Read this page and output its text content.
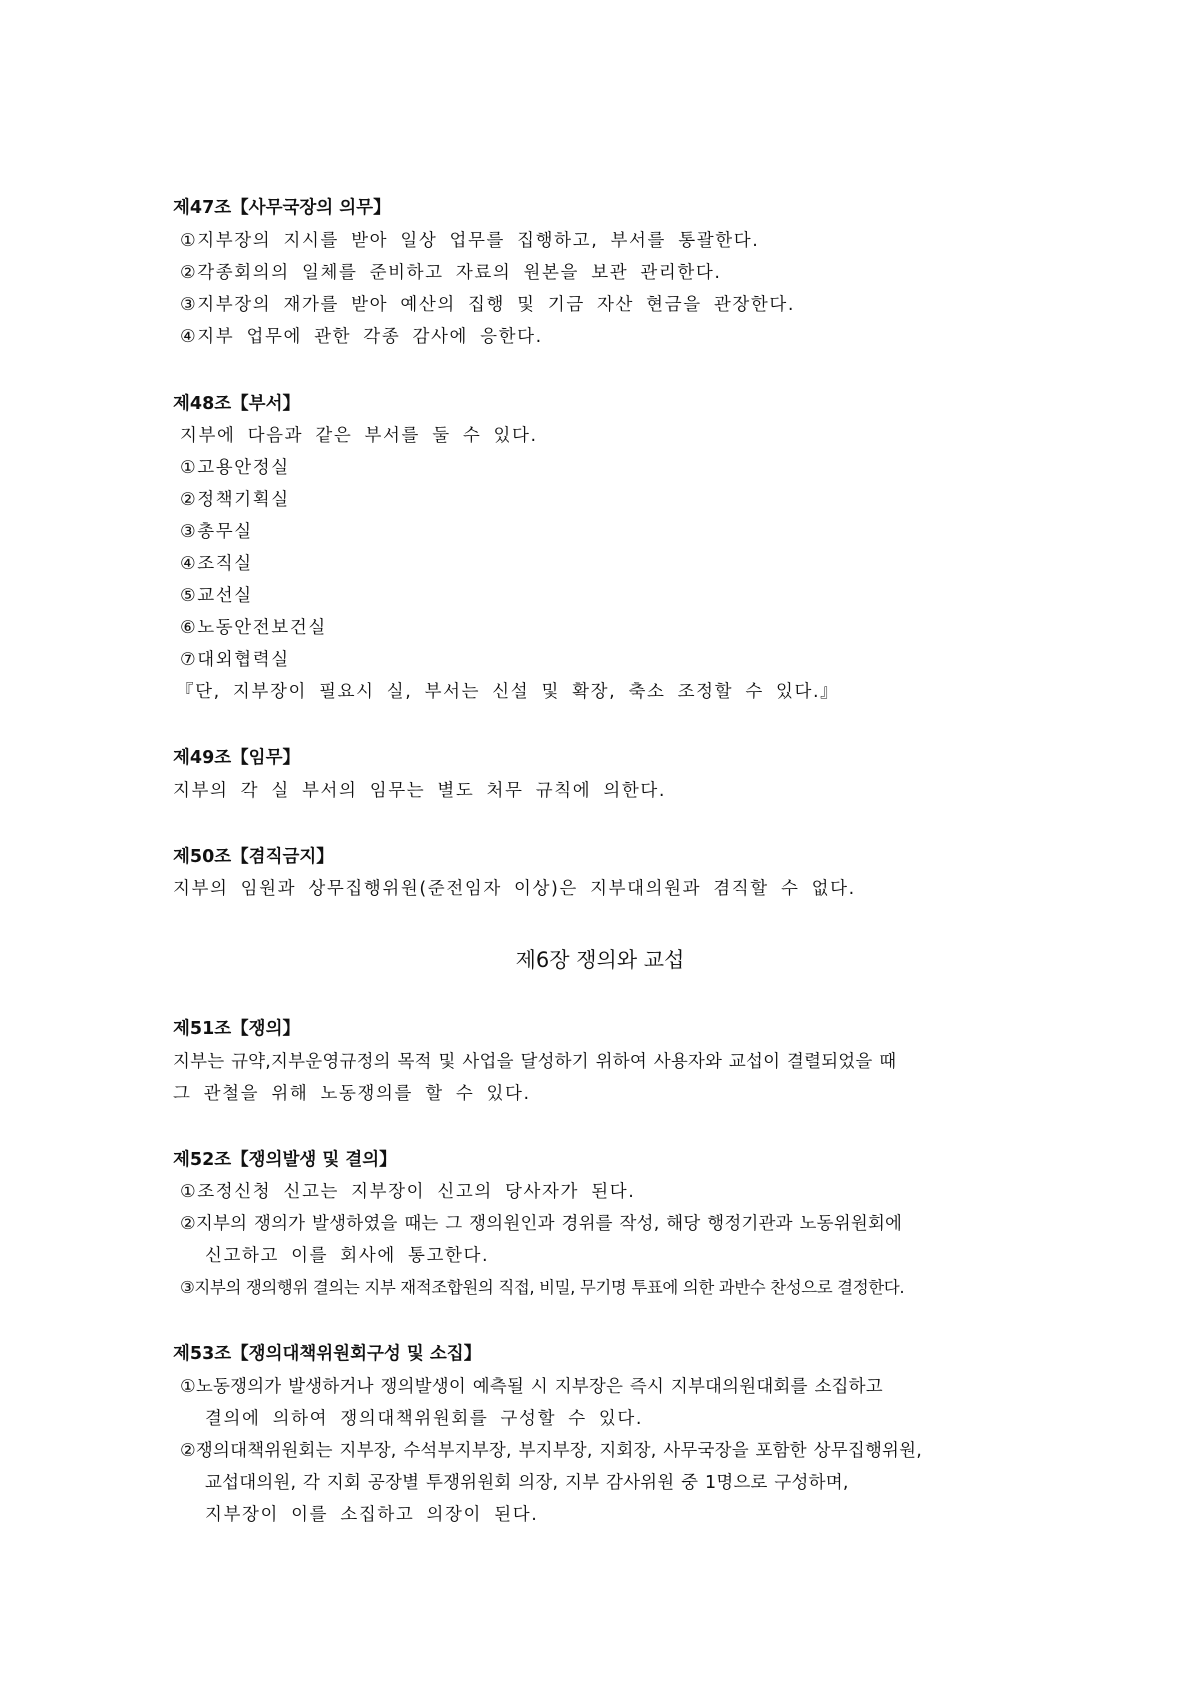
제47조【사무국장의 의무】
①지부장의 지시를 받아 일상 업무를 집행하고, 부서를 통괄한다.
②각종회의의 일체를 준비하고 자료의 원본을 보관 관리한다.
③지부장의 재가를 받아 예산의 집행 및 기금 자산 현금을 관장한다.
④지부 업무에 관한 각종 감사에 응한다.
제48조【부서】
지부에 다음과 같은 부서를 둘 수 있다.
①고용안정실
②정책기획실
③총무실
④조직실
⑤교선실
⑥노동안전보건실
⑦대외협력실
『단, 지부장이 필요시 실, 부서는 신설 및 확장, 축소 조정할 수 있다.』
제49조【임무】
지부의 각 실 부서의 임무는 별도 처무 규칙에 의한다.
제50조【겸직금지】
지부의 임원과 상무집행위원(준전임자 이상)은 지부대의원과 겸직할 수 없다.
제6장 쟁의와 교섭
제51조【쟁의】
지부는 규약,지부운영규정의 목적 및 사업을 달성하기 위하여 사용자와 교섭이 결렬되었을 때
그 관철을 위해 노동쟁의를 할 수 있다.
제52조【쟁의발생 및 결의】
①조정신청 신고는 지부장이 신고의 당사자가 된다.
②지부의 쟁의가 발생하였을 때는 그 쟁의원인과 경위를 작성, 해당 행정기관과 노동위원회에
신고하고 이를 회사에 통고한다.
③지부의 쟁의행위 결의는 지부 재적조합원의 직접, 비밀, 무기명 투표에 의한 과반수 찬성으로 결정한다.
제53조【쟁의대책위원회구성 및 소집】
①노동쟁의가 발생하거나 쟁의발생이 예측될 시 지부장은 즉시 지부대의원대회를 소집하고
결의에 의하여 쟁의대책위원회를 구성할 수 있다.
②쟁의대책위원회는 지부장, 수석부지부장, 부지부장, 지회장, 사무국장을 포함한 상무집행위원,
교섭대의원, 각 지회 공장별 투쟁위원회 의장, 지부 감사위원 중 1명으로 구성하며,
지부장이 이를 소집하고 의장이 된다.
